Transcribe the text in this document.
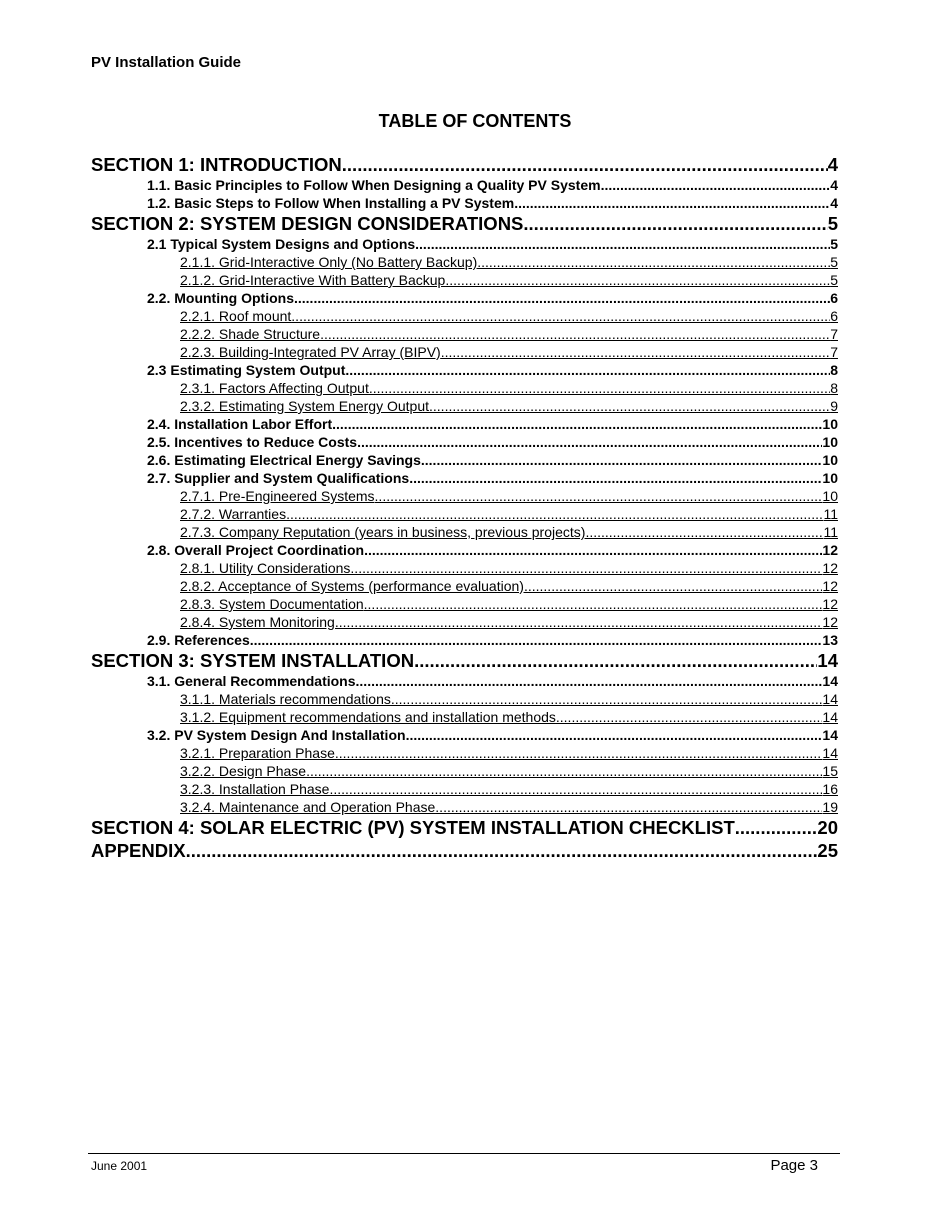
PV Installation Guide
TABLE OF CONTENTS
SECTION 1: INTRODUCTION .....	4
1.1. Basic Principles to Follow When Designing a Quality PV System .....	4
1.2. Basic Steps to Follow When Installing a PV System .....	4
SECTION 2: SYSTEM DESIGN CONSIDERATIONS .....	5
2.1 Typical System Designs and Options .....	5
2.1.1. Grid-Interactive Only (No Battery Backup) .....	5
2.1.2. Grid-Interactive With Battery Backup .....	5
2.2. Mounting Options .....	6
2.2.1. Roof mount .....	6
2.2.2. Shade Structure .....	7
2.2.3. Building-Integrated PV Array (BIPV) .....	7
2.3 Estimating System Output .....	8
2.3.1. Factors Affecting Output .....	8
2.3.2. Estimating System Energy Output .....	9
2.4. Installation Labor Effort .....	10
2.5. Incentives to Reduce Costs .....	10
2.6. Estimating Electrical Energy Savings .....	10
2.7. Supplier and System Qualifications .....	10
2.7.1. Pre-Engineered Systems .....	10
2.7.2. Warranties .....	11
2.7.3. Company Reputation (years in business, previous projects) .....	11
2.8. Overall Project Coordination .....	12
2.8.1. Utility Considerations .....	12
2.8.2. Acceptance of Systems (performance evaluation) .....	12
2.8.3. System Documentation .....	12
2.8.4. System Monitoring .....	12
2.9. References .....	13
SECTION 3: SYSTEM INSTALLATION .....	14
3.1. General Recommendations .....	14
3.1.1. Materials recommendations .....	14
3.1.2. Equipment recommendations and installation methods .....	14
3.2. PV System Design And Installation .....	14
3.2.1. Preparation Phase .....	14
3.2.2. Design Phase .....	15
3.2.3. Installation Phase .....	16
3.2.4. Maintenance and Operation Phase .....	19
SECTION 4: SOLAR ELECTRIC (PV) SYSTEM INSTALLATION CHECKLIST .....	20
APPENDIX .....	25
June 2001	Page 3
